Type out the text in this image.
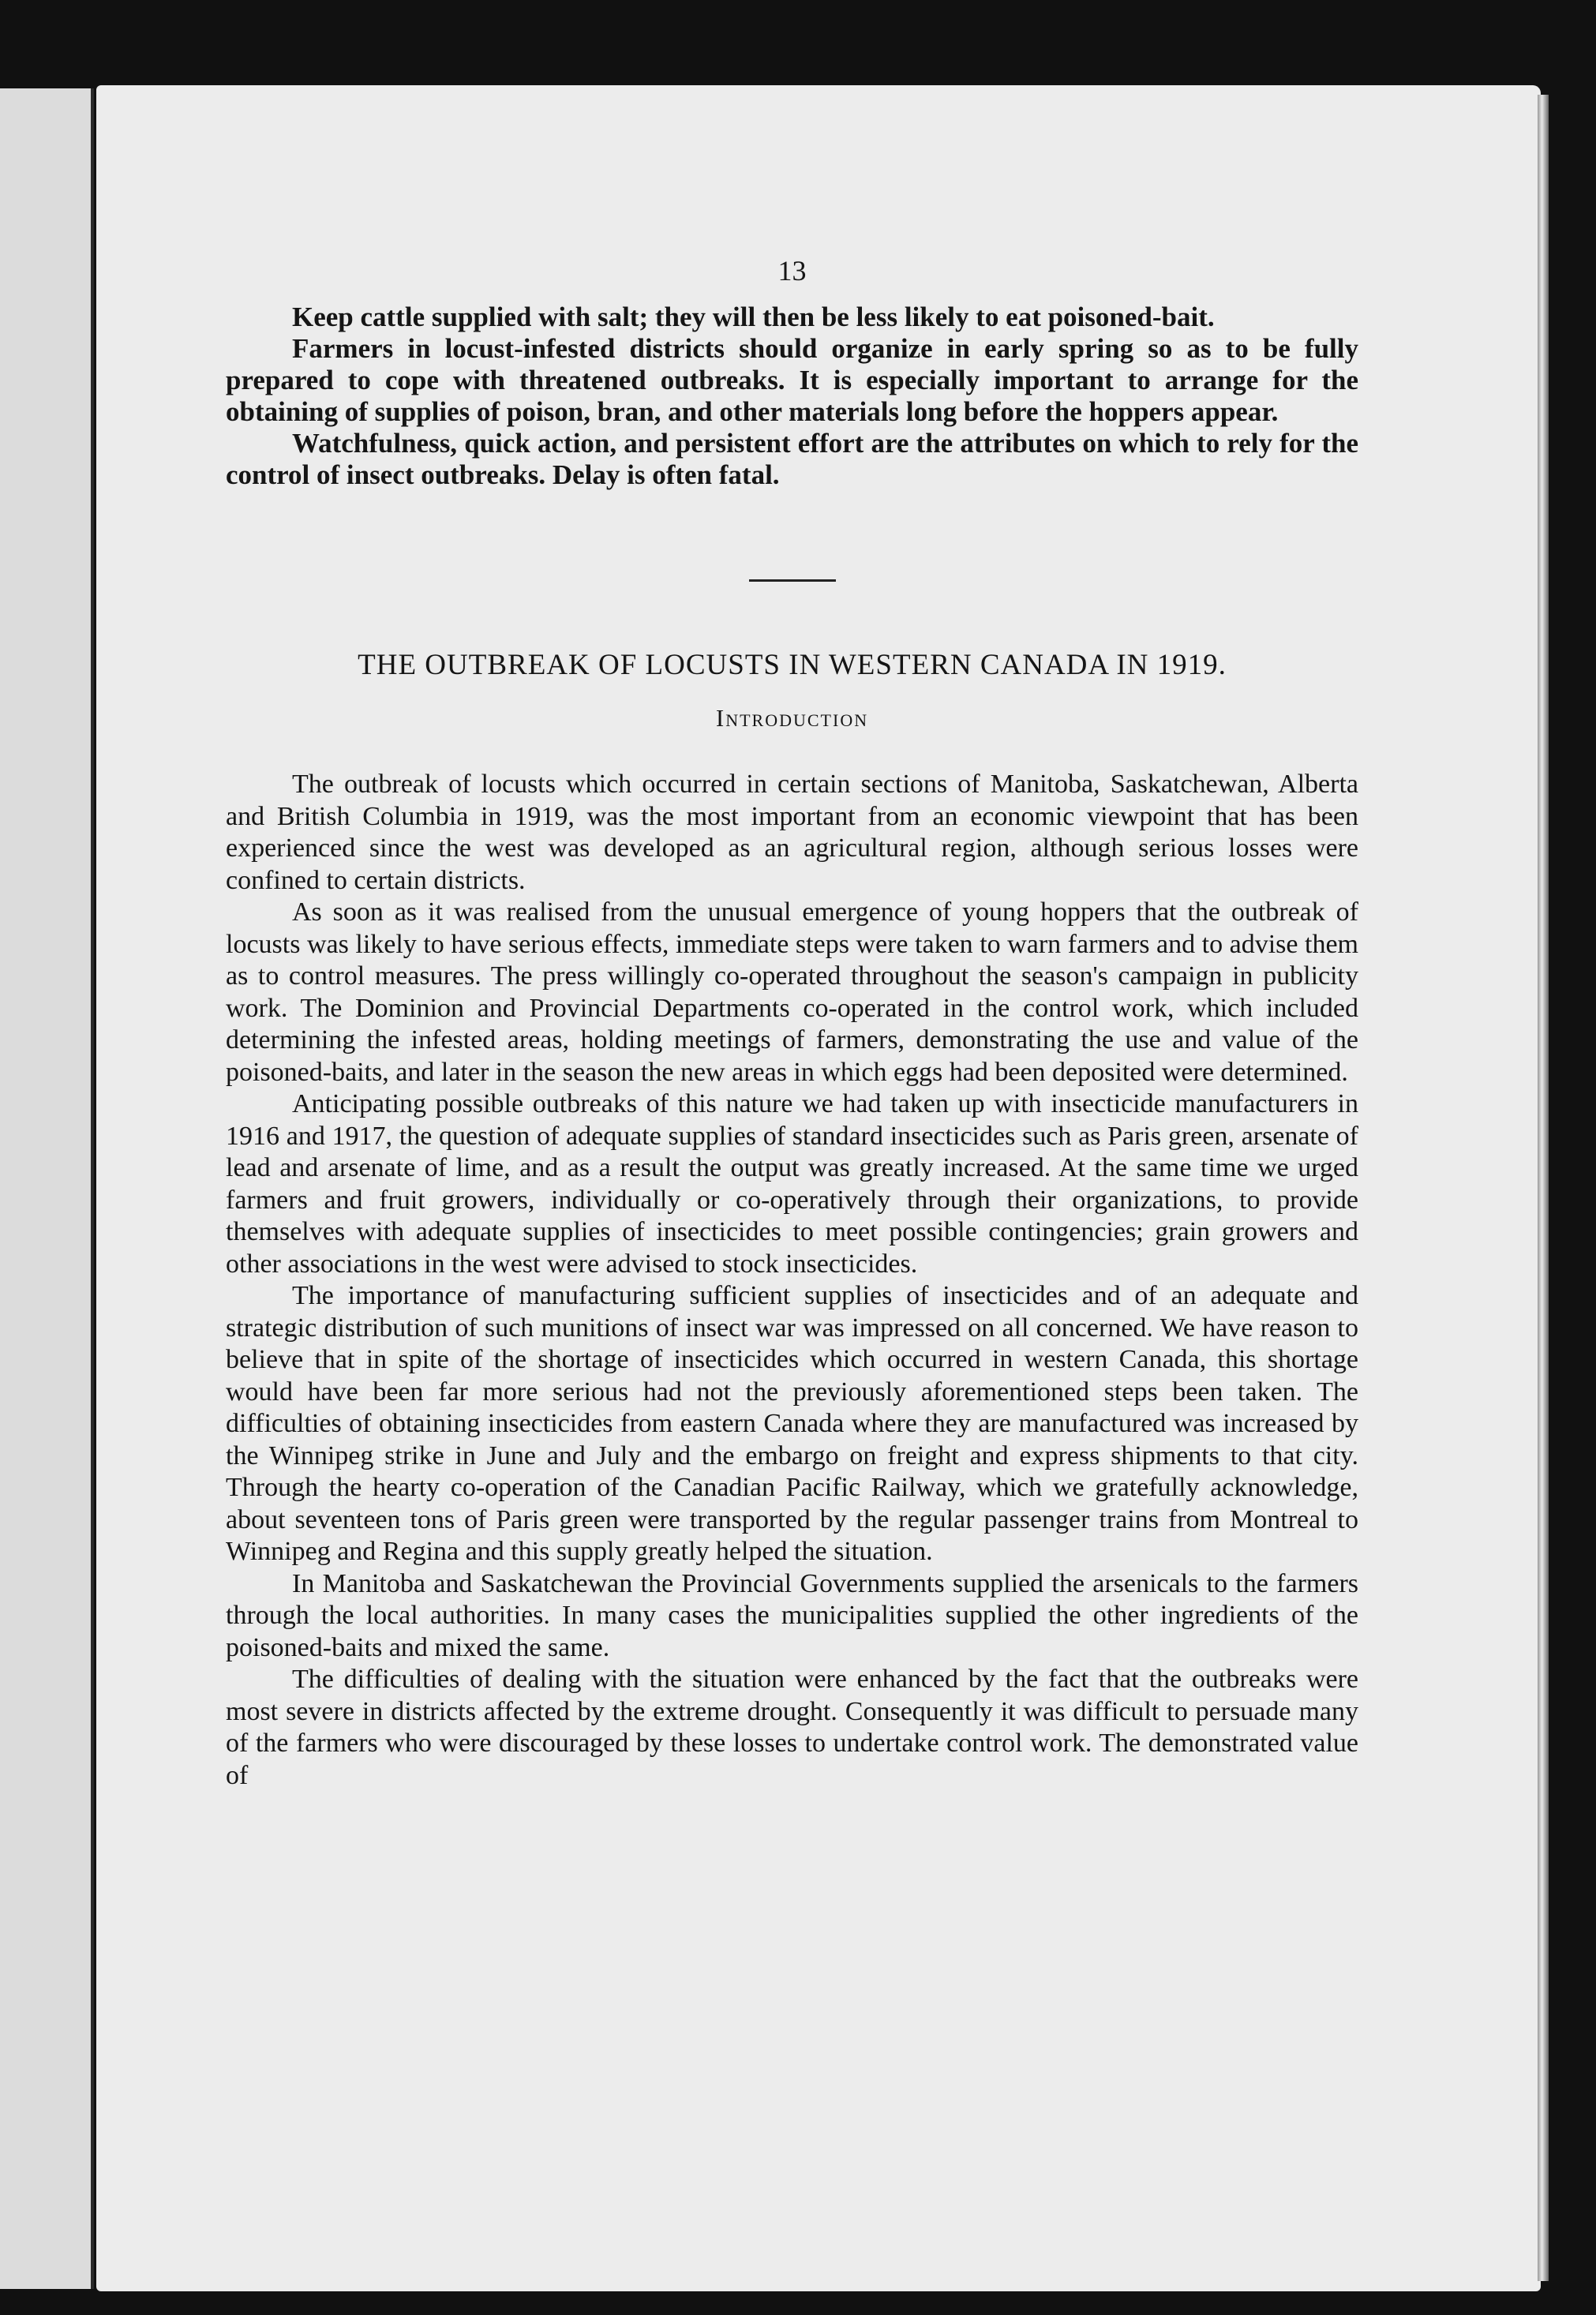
13

Keep cattle supplied with salt; they will then be less likely to eat poisoned-bait.

Farmers in locust-infested districts should organize in early spring so as to be fully prepared to cope with threatened outbreaks. It is especially important to arrange for the obtaining of supplies of poison, bran, and other materials long before the hoppers appear.

Watchfulness, quick action, and persistent effort are the attributes on which to rely for the control of insect outbreaks. Delay is often fatal.

THE OUTBREAK OF LOCUSTS IN WESTERN CANADA IN 1919.
Introduction

The outbreak of locusts which occurred in certain sections of Manitoba, Saskatchewan, Alberta and British Columbia in 1919, was the most important from an economic viewpoint that has been experienced since the west was developed as an agricultural region, although serious losses were confined to certain districts.

As soon as it was realised from the unusual emergence of young hoppers that the outbreak of locusts was likely to have serious effects, immediate steps were taken to warn farmers and to advise them as to control measures. The press willingly co-operated throughout the season's campaign in publicity work. The Dominion and Provincial Departments co-operated in the control work, which included determining the infested areas, holding meetings of farmers, demonstrating the use and value of the poisoned-baits, and later in the season the new areas in which eggs had been deposited were determined.

Anticipating possible outbreaks of this nature we had taken up with insecticide manufacturers in 1916 and 1917, the question of adequate supplies of standard insecticides such as Paris green, arsenate of lead and arsenate of lime, and as a result the output was greatly increased. At the same time we urged farmers and fruit growers, individually or co-operatively through their organizations, to provide themselves with adequate supplies of insecticides to meet possible contingencies; grain growers and other associations in the west were advised to stock insecticides.

The importance of manufacturing sufficient supplies of insecticides and of an adequate and strategic distribution of such munitions of insect war was impressed on all concerned. We have reason to believe that in spite of the shortage of insecticides which occurred in western Canada, this shortage would have been far more serious had not the previously aforementioned steps been taken. The difficulties of obtaining insecticides from eastern Canada where they are manufactured was increased by the Winnipeg strike in June and July and the embargo on freight and express shipments to that city. Through the hearty co-operation of the Canadian Pacific Railway, which we gratefully acknowledge, about seventeen tons of Paris green were transported by the regular passenger trains from Montreal to Winnipeg and Regina and this supply greatly helped the situation.

In Manitoba and Saskatchewan the Provincial Governments supplied the arsenicals to the farmers through the local authorities. In many cases the municipalities supplied the other ingredients of the poisoned-baits and mixed the same.

The difficulties of dealing with the situation were enhanced by the fact that the outbreaks were most severe in districts affected by the extreme drought. Consequently it was difficult to persuade many of the farmers who were discouraged by these losses to undertake control work. The demonstrated value of
